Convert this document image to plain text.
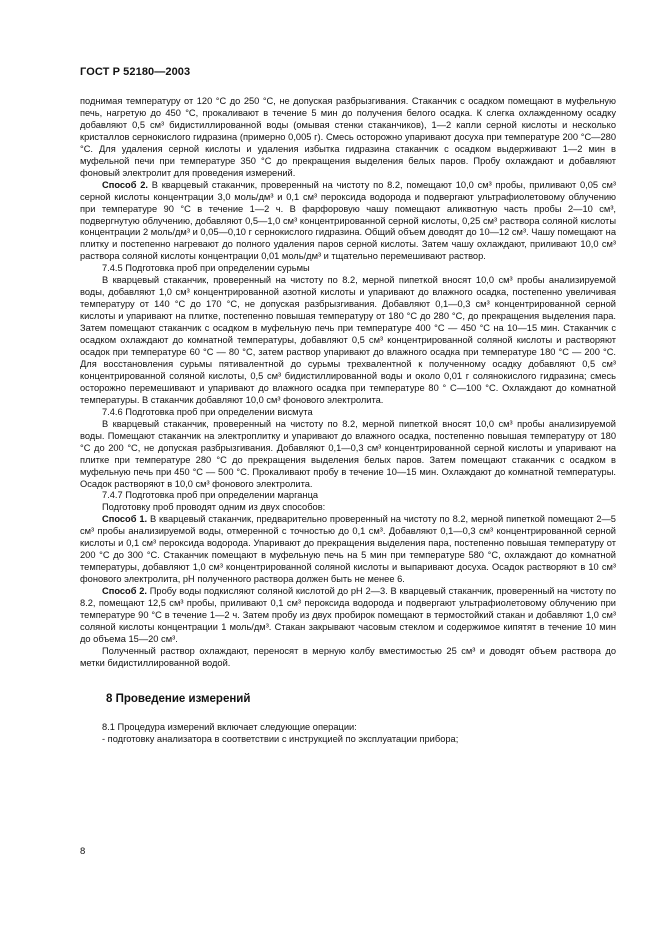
ГОСТ Р 52180—2003

поднимая температуру от 120 °С до 250 °С, не допуская разбрызгивания. Стаканчик с осадком помещают в муфельную печь, нагретую до 450 °С, прокаливают в течение 5 мин до получения белого осадка. К слегка охлажденному осадку добавляют 0,5 см³ бидистиллированной воды (омывая стенки стаканчиков), 1—2 капли серной кислоты и несколько кристаллов сернокислого гидразина (примерно 0,005 г). Смесь осторожно упаривают досуха при температуре 200 °С—280 °С. Для удаления серной кислоты и удаления избытка гидразина стаканчик с осадком выдерживают 1—2 мин в муфельной печи при температуре 350 °С до прекращения выделения белых паров. Пробу охлаждают и добавляют фоновый электролит для проведения измерений.

Способ 2. В кварцевый стаканчик, проверенный на чистоту по 8.2, помещают 10,0 см³ пробы, приливают 0,05 см³ серной кислоты концентрации 3,0 моль/дм³ и 0,1 см³ пероксида водорода и подвергают ультрафиолетовому облучению при температуре 90 °С в течение 1—2 ч. В фарфоровую чашу помещают аликвотную часть пробы 2—10 см³, подвергнутую облучению, добавляют 0,5—1,0 см³ концентрированной серной кислоты, 0,25 см³ раствора соляной кислоты концентрации 2 моль/дм³ и 0,05—0,10 г сернокислого гидразина. Общий объем доводят до 10—12 см³. Чашу помещают на плитку и постепенно нагревают до полного удаления паров серной кислоты. Затем чашу охлаждают, приливают 10,0 см³ раствора соляной кислоты концентрации 0,01 моль/дм³ и тщательно перемешивают раствор.

7.4.5 Подготовка проб при определении сурьмы

В кварцевый стаканчик, проверенный на чистоту по 8.2, мерной пипеткой вносят 10,0 см³ пробы анализируемой воды, добавляют 1,0 см³ концентрированной азотной кислоты и упаривают до влажного осадка, постепенно увеличивая температуру от 140 °С до 170 °С, не допуская разбрызгивания. Добавляют 0,1—0,3 см³ концентрированной серной кислоты и упаривают на плитке, постепенно повышая температуру от 180 °С до 280 °С, до прекращения выделения пара. Затем помещают стаканчик с осадком в муфельную печь при температуре 400 °С — 450 °С на 10—15 мин. Стаканчик с осадком охлаждают до комнатной температуры, добавляют 0,5 см³ концентрированной соляной кислоты и растворяют осадок при температуре 60 °С — 80 °С, затем раствор упаривают до влажного осадка при температуре 180 °С — 200 °С. Для восстановления сурьмы пятивалентной до сурьмы трехвалентной к полученному осадку добавляют 0,5 см³ концентрированной соляной кислоты, 0,5 см³ бидистиллированной воды и около 0,01 г солянокислого гидразина; смесь осторожно перемешивают и упаривают до влажного осадка при температуре 80 ° С—100 °С. Охлаждают до комнатной температуры. В стаканчик добавляют 10,0 см³ фонового электролита.

7.4.6 Подготовка проб при определении висмута

В кварцевый стаканчик, проверенный на чистоту по 8.2, мерной пипеткой вносят 10,0 см³ пробы анализируемой воды. Помещают стаканчик на электроплитку и упаривают до влажного осадка, постепенно повышая температуру от 180 °С до 200 °С, не допуская разбрызгивания. Добавляют 0,1—0,3 см³ концентрированной серной кислоты и упаривают на плитке при температуре 280 °С до прекращения выделения белых паров. Затем помещают стаканчик с осадком в муфельную печь при 450 °С — 500 °С. Прокаливают пробу в течение 10—15 мин. Охлаждают до комнатной температуры. Осадок растворяют в 10,0 см³ фонового электролита.

7.4.7 Подготовка проб при определении марганца

Подготовку проб проводят одним из двух способов:

Способ 1. В кварцевый стаканчик, предварительно проверенный на чистоту по 8.2, мерной пипеткой помещают 2—5 см³ пробы анализируемой воды, отмеренной с точностью до 0,1 см³. Добавляют 0,1—0,3 см³ концентрированной серной кислоты и 0,1 см³ пероксида водорода. Упаривают до прекращения выделения пара, постепенно повышая температуру от 200 °С до 300 °С. Стаканчик помещают в муфельную печь на 5 мин при температуре 580 °С, охлаждают до комнатной температуры, добавляют 1,0 см³ концентрированной соляной кислоты и выпаривают досуха. Осадок растворяют в 10 см³ фонового электролита, pH полученного раствора должен быть не менее 6.

Способ 2. Пробу воды подкисляют соляной кислотой до pH 2—3. В кварцевый стаканчик, проверенный на чистоту по 8.2, помещают 12,5 см³ пробы, приливают 0,1 см³ пероксида водорода и подвергают ультрафиолетовому облучению при температуре 90 °С в течение 1—2 ч. Затем пробу из двух пробирок помещают в термостойкий стакан и добавляют 1,0 см³ соляной кислоты концентрации 1 моль/дм³. Стакан закрывают часовым стеклом и содержимое кипятят в течение 10 мин до объема 15—20 см³.

Полученный раствор охлаждают, переносят в мерную колбу вместимостью 25 см³ и доводят объем раствора до метки бидистиллированной водой.

8 Проведение измерений

8.1 Процедура измерений включает следующие операции:

- подготовку анализатора в соответствии с инструкцией по эксплуатации прибора;

8
